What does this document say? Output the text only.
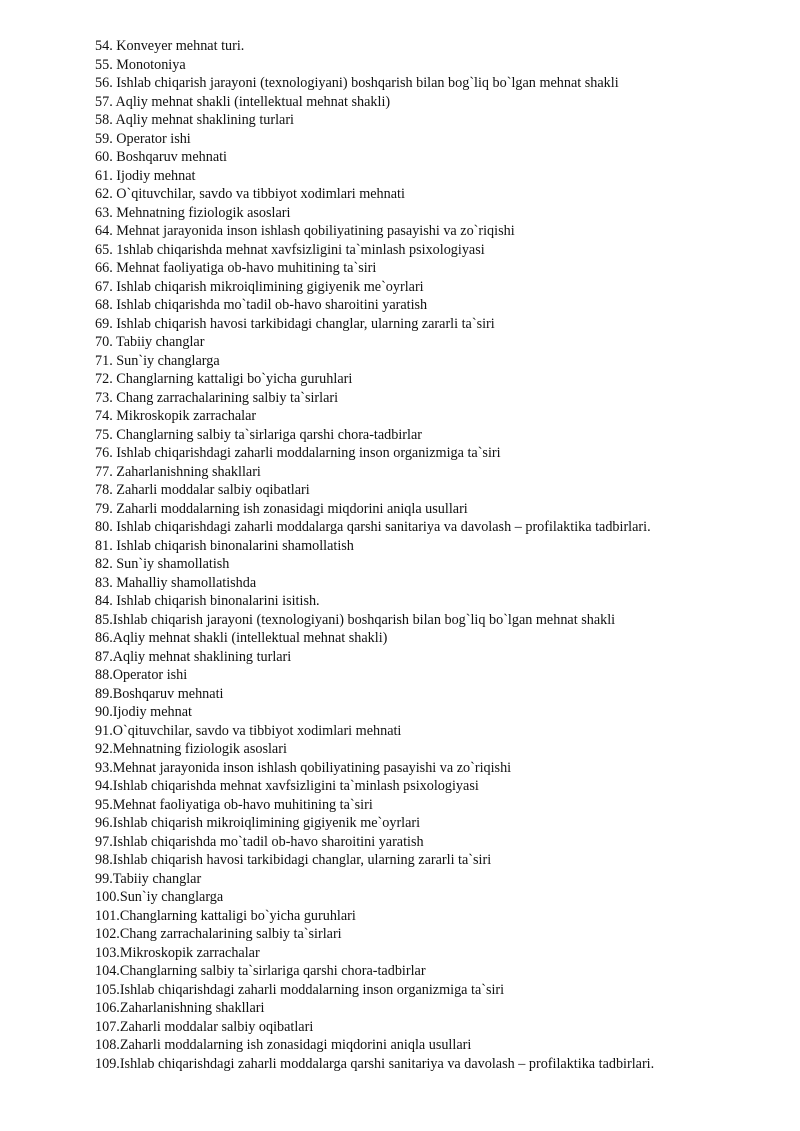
54. Konveyer mehnat turi.
55. Monotoniya
56. Ishlab chiqarish jarayoni (texnologiyani) boshqarish bilan bog`liq bo`lgan mehnat shakli
57. Aqliy mehnat shakli (intellektual mehnat shakli)
58. Aqliy mehnat shaklining turlari
59. Operator ishi
60. Boshqaruv mehnati
61. Ijodiy mehnat
62. O`qituvchilar, savdo va tibbiyot xodimlari mehnati
63. Mehnatning fiziologik asoslari
64. Mehnat jarayonida inson ishlash qobiliyatining pasayishi va zo`riqishi
65. 1shlab chiqarishda mehnat xavfsizligini ta`minlash psixologiyasi
66. Mehnat faoliyatiga ob-havo muhitining ta`siri
67. Ishlab chiqarish mikroiqlimining gigiyenik me`oyrlari
68. Ishlab chiqarishda mo`tadil ob-havo sharoitini yaratish
69. Ishlab chiqarish havosi tarkibidagi changlar, ularning zararli ta`siri
70. Tabiiy changlar
71. Sun`iy changlarga
72. Changlarning kattaligi bo`yicha guruhlari
73. Chang zarrachalarining salbiy ta`sirlari
74. Mikroskopik zarrachalar
75. Changlarning salbiy ta`sirlariga qarshi chora-tadbirlar
76. Ishlab chiqarishdagi zaharli moddalarning inson organizmiga ta`siri
77. Zaharlanishning shakllari
78. Zaharli moddalar salbiy oqibatlari
79. Zaharli moddalarning ish zonasidagi miqdorini aniqla usullari
80. Ishlab chiqarishdagi zaharli moddalarga qarshi sanitariya va davolash – profilaktika tadbirlari.
81. Ishlab chiqarish binonalarini shamollatish
82. Sun`iy shamollatish
83. Mahalliy shamollatishda
84. Ishlab chiqarish binonalarini isitish.
85.Ishlab chiqarish jarayoni (texnologiyani) boshqarish bilan bog`liq bo`lgan mehnat shakli
86.Aqliy mehnat shakli (intellektual mehnat shakli)
87.Aqliy mehnat shaklining turlari
88.Operator ishi
89.Boshqaruv mehnati
90.Ijodiy mehnat
91.O`qituvchilar, savdo va tibbiyot xodimlari mehnati
92.Mehnatning fiziologik asoslari
93.Mehnat jarayonida inson ishlash qobiliyatining pasayishi va zo`riqishi
94.Ishlab chiqarishda mehnat xavfsizligini ta`minlash psixologiyasi
95.Mehnat faoliyatiga ob-havo muhitining ta`siri
96.Ishlab chiqarish mikroiqlimining gigiyenik me`oyrlari
97.Ishlab chiqarishda mo`tadil ob-havo sharoitini yaratish
98.Ishlab chiqarish havosi tarkibidagi changlar, ularning zararli ta`siri
99.Tabiiy changlar
100.Sun`iy changlarga
101.Changlarning kattaligi bo`yicha guruhlari
102.Chang zarrachalarining salbiy ta`sirlari
103.Mikroskopik zarrachalar
104.Changlarning salbiy ta`sirlariga qarshi chora-tadbirlar
105.Ishlab chiqarishdagi zaharli moddalarning inson organizmiga ta`siri
106.Zaharlanishning shakllari
107.Zaharli moddalar salbiy oqibatlari
108.Zaharli moddalarning ish zonasidagi miqdorini aniqla usullari
109.Ishlab chiqarishdagi zaharli moddalarga qarshi sanitariya va davolash – profilaktika tadbirlari.
